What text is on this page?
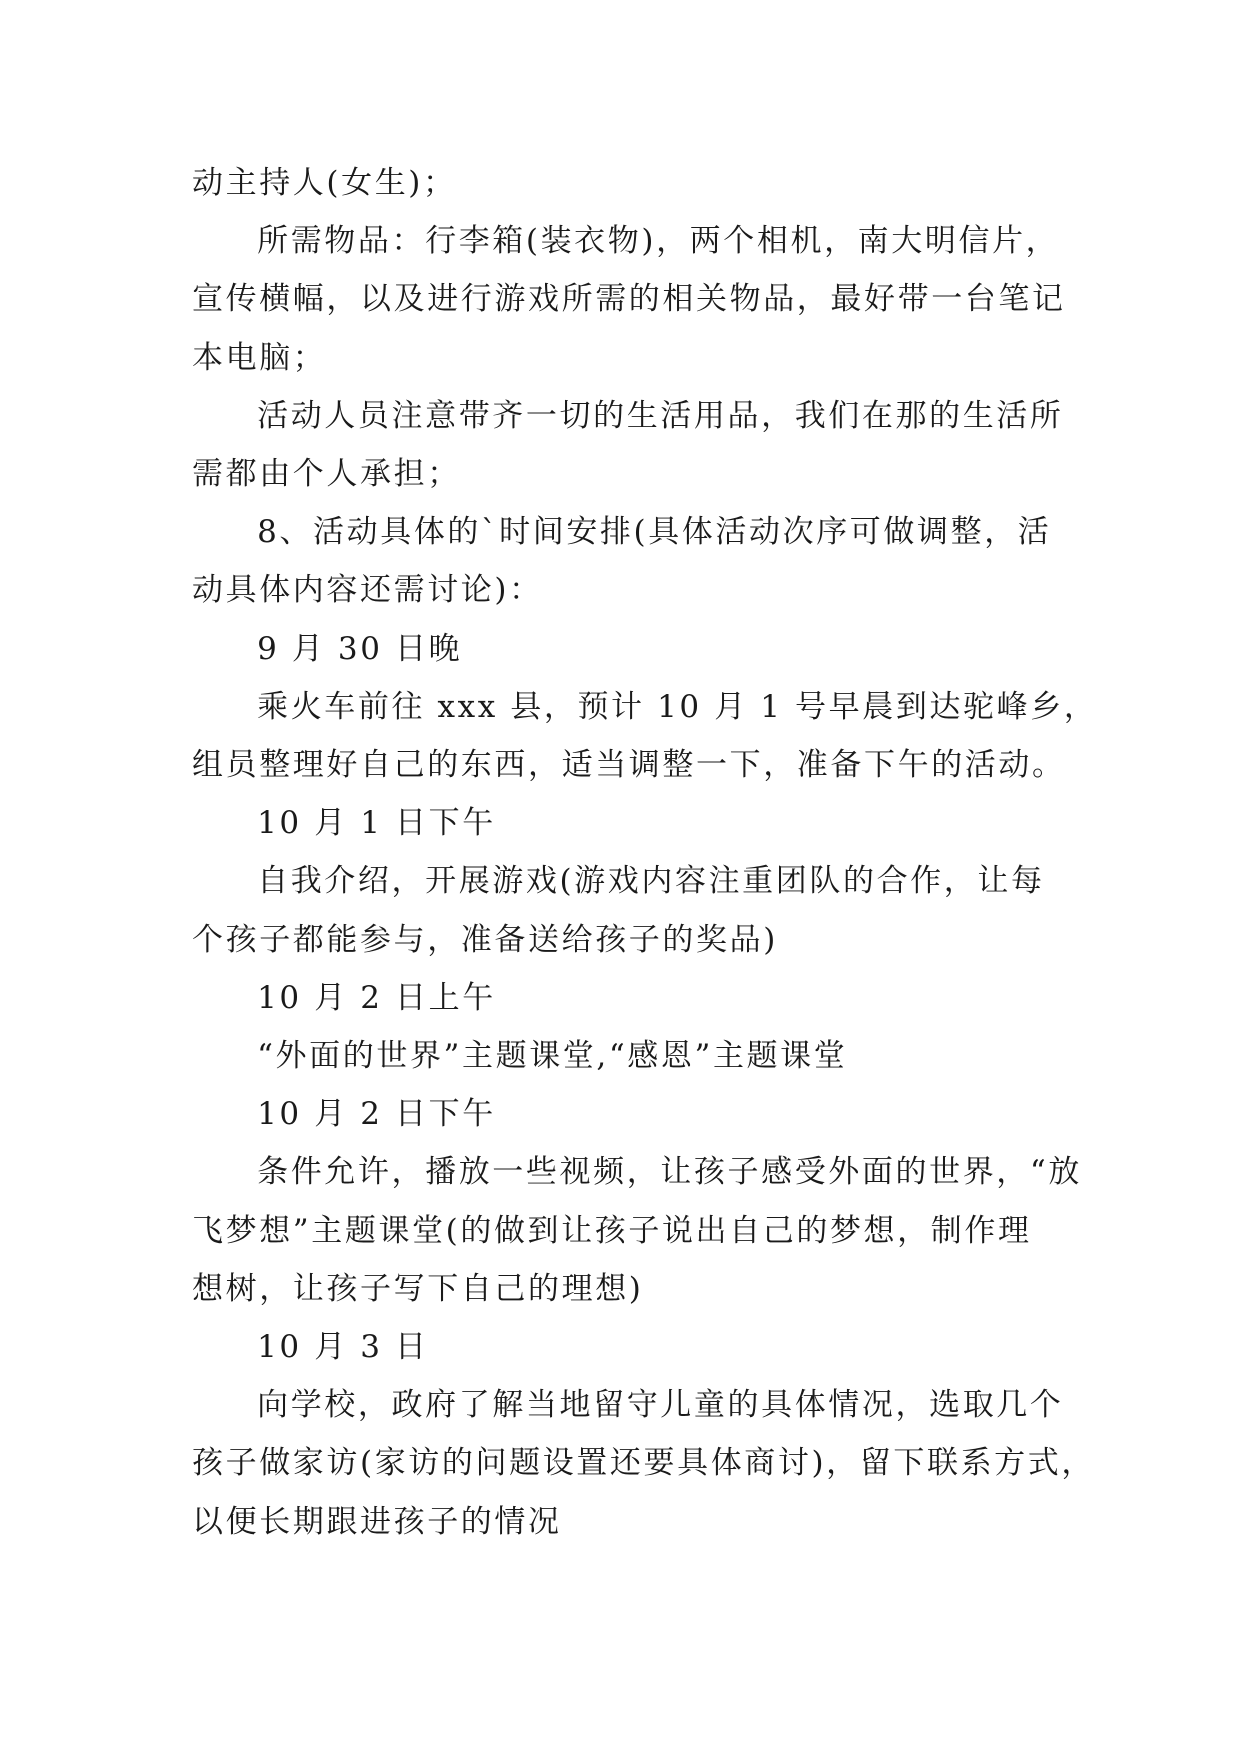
动主持人(女生)；
所需物品：行李箱(装衣物)，两个相机，南大明信片，
宣传横幅，以及进行游戏所需的相关物品，最好带一台笔记
本电脑；
活动人员注意带齐一切的生活用品，我们在那的生活所
需都由个人承担；
8、活动具体的`时间安排(具体活动次序可做调整，活
动具体内容还需讨论)：
9 月 30 日晚
乘火车前往 xxx 县，预计 10 月 1 号早晨到达驼峰乡，
组员整理好自己的东西，适当调整一下，准备下午的活动。
10 月 1 日下午
自我介绍，开展游戏(游戏内容注重团队的合作，让每
个孩子都能参与，准备送给孩子的奖品)
10 月 2 日上午
“外面的世界”主题课堂,“感恩”主题课堂
10 月 2 日下午
条件允许，播放一些视频，让孩子感受外面的世界，“放
飞梦想”主题课堂(的做到让孩子说出自己的梦想，制作理
想树，让孩子写下自己的理想)
10 月 3 日
向学校，政府了解当地留守儿童的具体情况，选取几个
孩子做家访(家访的问题设置还要具体商讨)，留下联系方式，
以便长期跟进孩子的情况
